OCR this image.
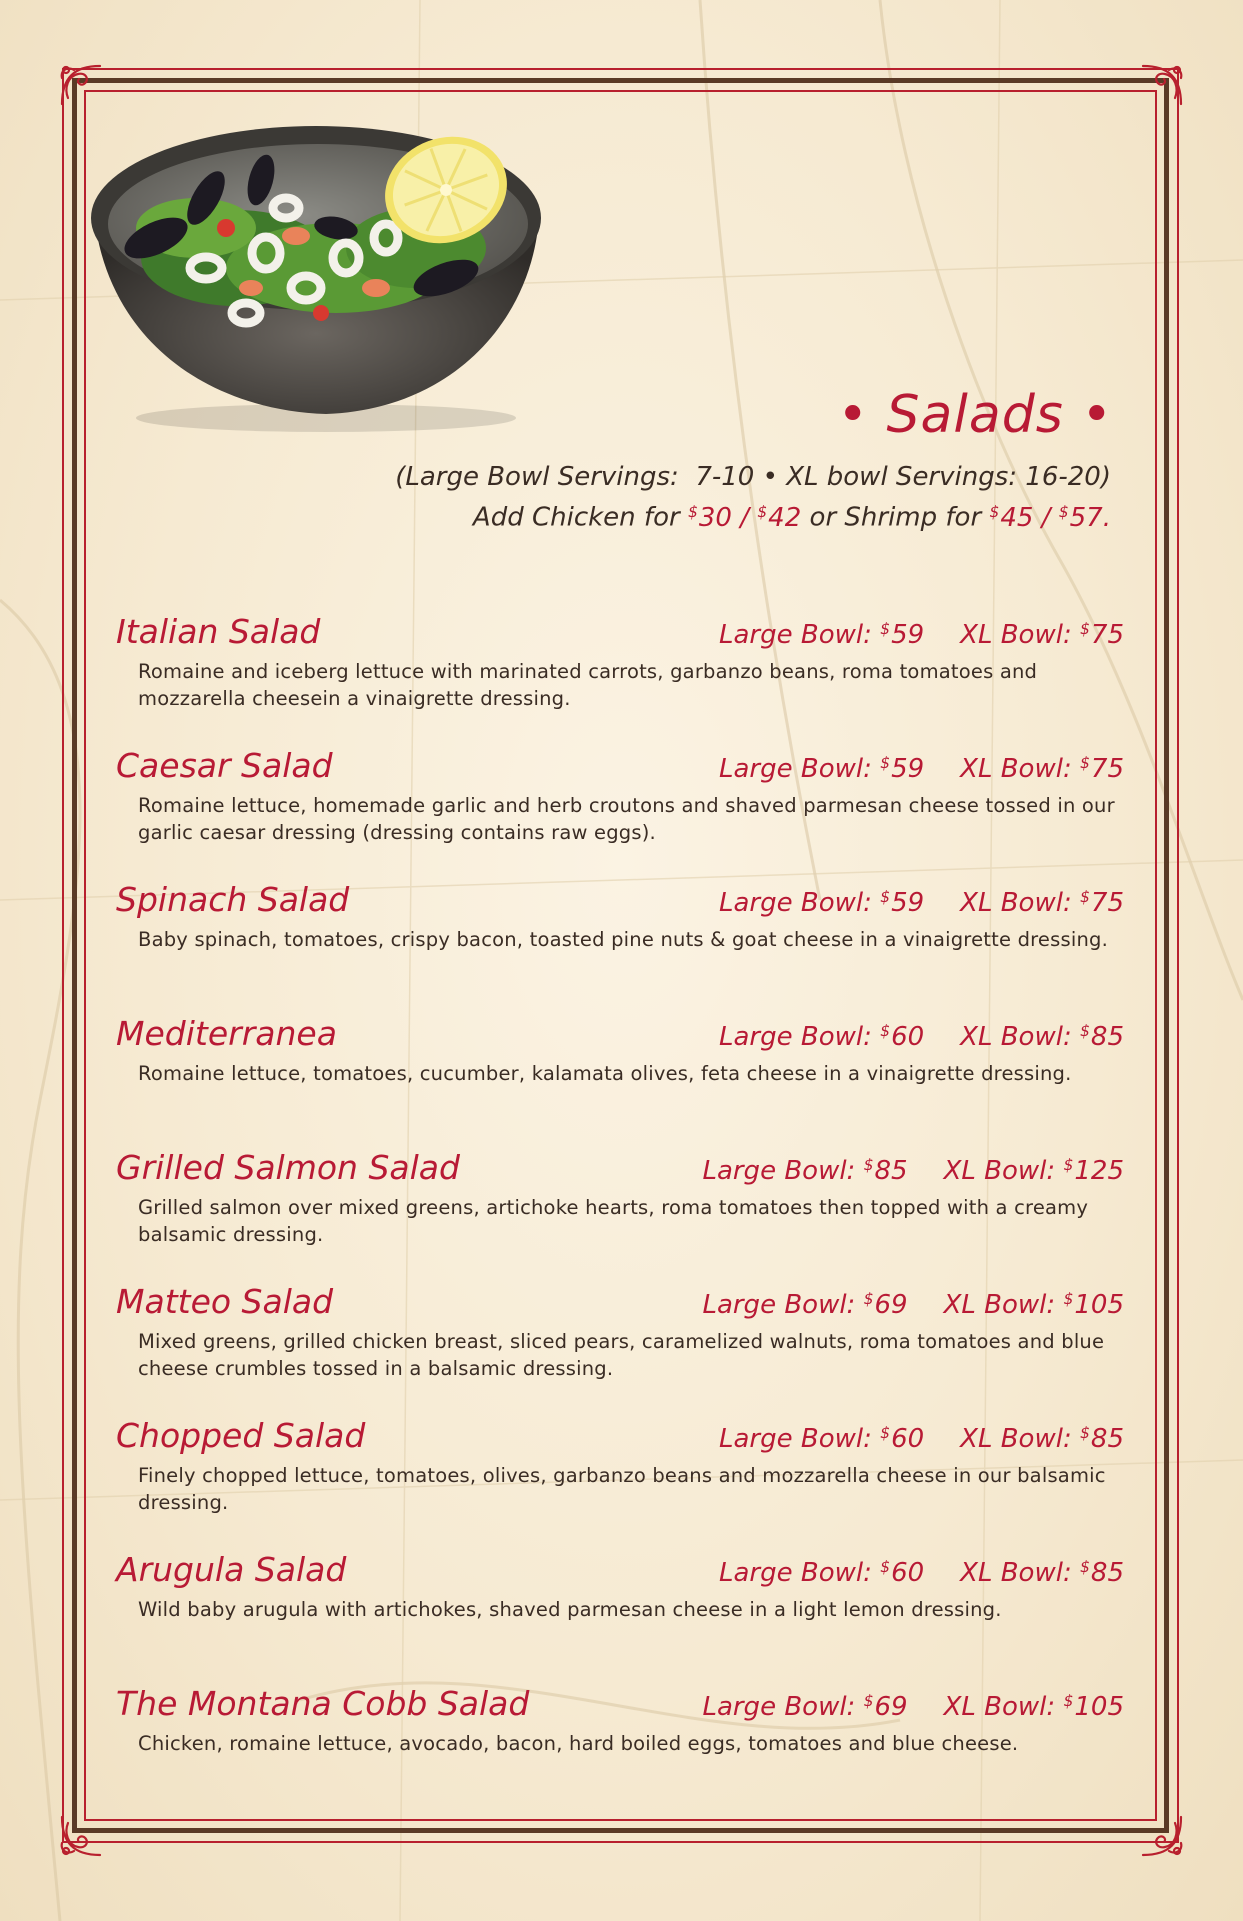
• Salads •
(Large Bowl Servings: 7-10 • XL bowl Servings: 16-20)
Add Chicken for $30 / $42 or Shrimp for $45 / $57.
Italian Salad	Large Bowl: $59 XL Bowl: $75
Romaine and iceberg lettuce with marinated carrots, garbanzo beans, roma tomatoes and mozzarella cheesein a vinaigrette dressing.
Caesar Salad	Large Bowl: $59 XL Bowl: $75
Romaine lettuce, homemade garlic and herb croutons and shaved parmesan cheese tossed in our garlic caesar dressing (dressing contains raw eggs).
Spinach Salad	Large Bowl: $59 XL Bowl: $75
Baby spinach, tomatoes, crispy bacon, toasted pine nuts & goat cheese in a vinaigrette dressing.
Mediterranea	Large Bowl: $60 XL Bowl: $85
Romaine lettuce, tomatoes, cucumber, kalamata olives, feta cheese in a vinaigrette dressing.
Grilled Salmon Salad	Large Bowl: $85 XL Bowl: $125
Grilled salmon over mixed greens, artichoke hearts, roma tomatoes then topped with a creamy balsamic dressing.
Matteo Salad	Large Bowl: $69 XL Bowl: $105
Mixed greens, grilled chicken breast, sliced pears, caramelized walnuts, roma tomatoes and blue cheese crumbles tossed in a balsamic dressing.
Chopped Salad	Large Bowl: $60 XL Bowl: $85
Finely chopped lettuce, tomatoes, olives, garbanzo beans and mozzarella cheese in our balsamic dressing.
Arugula Salad	Large Bowl: $60 XL Bowl: $85
Wild baby arugula with artichokes, shaved parmesan cheese in a light lemon dressing.
The Montana Cobb Salad	Large Bowl: $69 XL Bowl: $105
Chicken, romaine lettuce, avocado, bacon, hard boiled eggs, tomatoes and blue cheese.
